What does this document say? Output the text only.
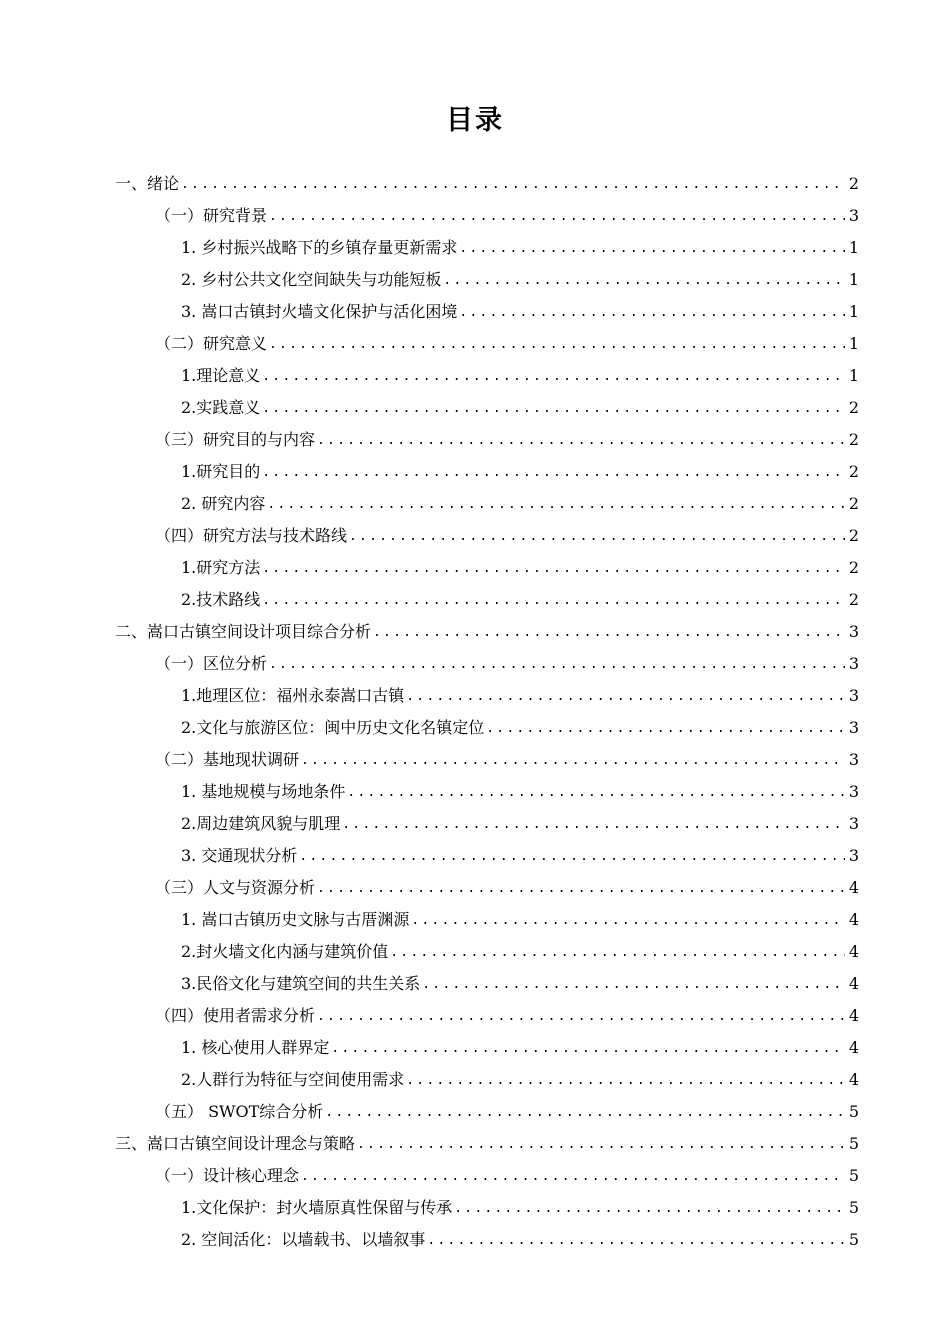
目录
一、绪论 .....	2
（一）研究背景 .....	3
1. 乡村振兴战略下的乡镇存量更新需求 .....	1
2. 乡村公共文化空间缺失与功能短板 .....	1
3. 嵩口古镇封火墙文化保护与活化困境 .....	1
（二）研究意义 .....	1
1.理论意义 .....	1
2.实践意义 .....	2
（三）研究目的与内容 .....	2
1.研究目的 .....	2
2. 研究内容 .....	2
（四）研究方法与技术路线 .....	2
1.研究方法 .....	2
2.技术路线 .....	2
二、嵩口古镇空间设计项目综合分析 .....	3
（一）区位分析 .....	3
1.地理区位：福州永泰嵩口古镇 .....	3
2.文化与旅游区位：闽中历史文化名镇定位 .....	3
（二）基地现状调研 .....	3
1. 基地规模与场地条件 .....	3
2.周边建筑风貌与肌理 .....	3
3. 交通现状分析 .....	3
（三）人文与资源分析 .....	4
1. 嵩口古镇历史文脉与古厝渊源 .....	4
2.封火墙文化内涵与建筑价值 .....	4
3.民俗文化与建筑空间的共生关系 .....	4
（四）使用者需求分析 .....	4
1. 核心使用人群界定 .....	4
2.人群行为特征与空间使用需求 .....	4
（五） SWOT综合分析 .....	5
三、嵩口古镇空间设计理念与策略 .....	5
（一）设计核心理念 .....	5
1.文化保护：封火墙原真性保留与传承 .....	5
2. 空间活化：以墙载书、以墙叙事 .....	5
